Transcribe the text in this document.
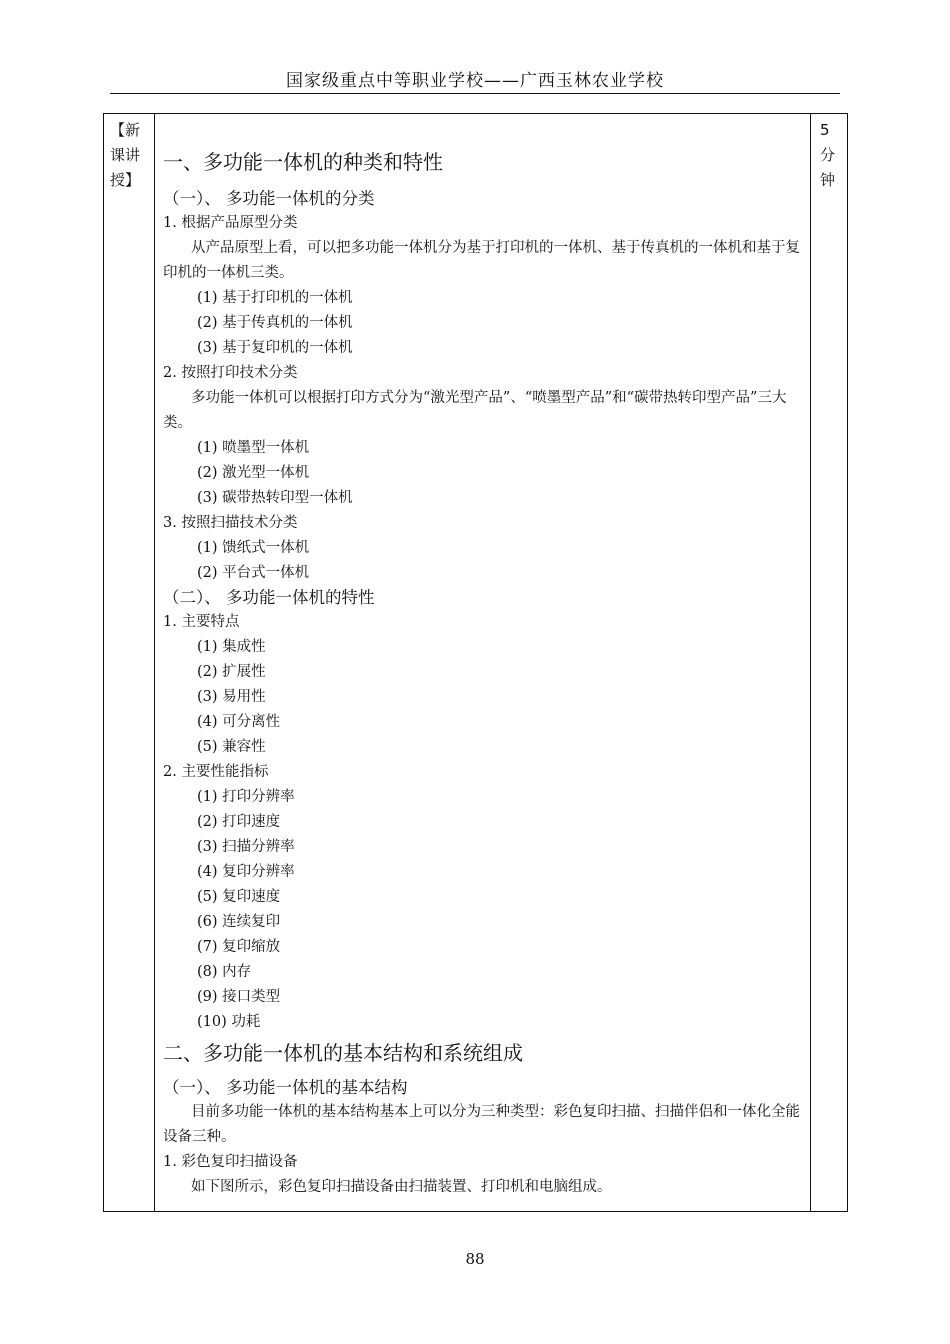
国家级重点中等职业学校——广西玉林农业学校
【新
课讲
授】

一、多功能一体机的种类和特性
（一）、 多功能一体机的分类
1. 根据产品原型分类
从产品原型上看，可以把多功能一体机分为基于打印机的一体机、基于传真机的一体机和基于复印机的一体机三类。
(1) 基于打印机的一体机
(2) 基于传真机的一体机
(3) 基于复印机的一体机
2. 按照打印技术分类
多功能一体机可以根据打印方式分为“激光型产品”、“喷墨型产品”和“碳带热转印型产品”三大类。
(1) 喷墨型一体机
(2) 激光型一体机
(3) 碳带热转印型一体机
3. 按照扫描技术分类
(1) 馈纸式一体机
(2) 平台式一体机
（二）、 多功能一体机的特性
1. 主要特点
(1) 集成性
(2) 扩展性
(3) 易用性
(4) 可分离性
(5) 兼容性
2. 主要性能指标
(1) 打印分辨率
(2) 打印速度
(3) 扫描分辨率
(4) 复印分辨率
(5) 复印速度
(6) 连续复印
(7) 复印缩放
(8) 内存
(9) 接口类型
(10) 功耗
二、多功能一体机的基本结构和系统组成
（一）、 多功能一体机的基本结构
目前多功能一体机的基本结构基本上可以分为三种类型：彩色复印扫描、扫描伴侣和一体化全能设备三种。
1. 彩色复印扫描设备
如下图所示，彩色复印扫描设备由扫描装置、打印机和电脑组成。

5
分
钟
88
